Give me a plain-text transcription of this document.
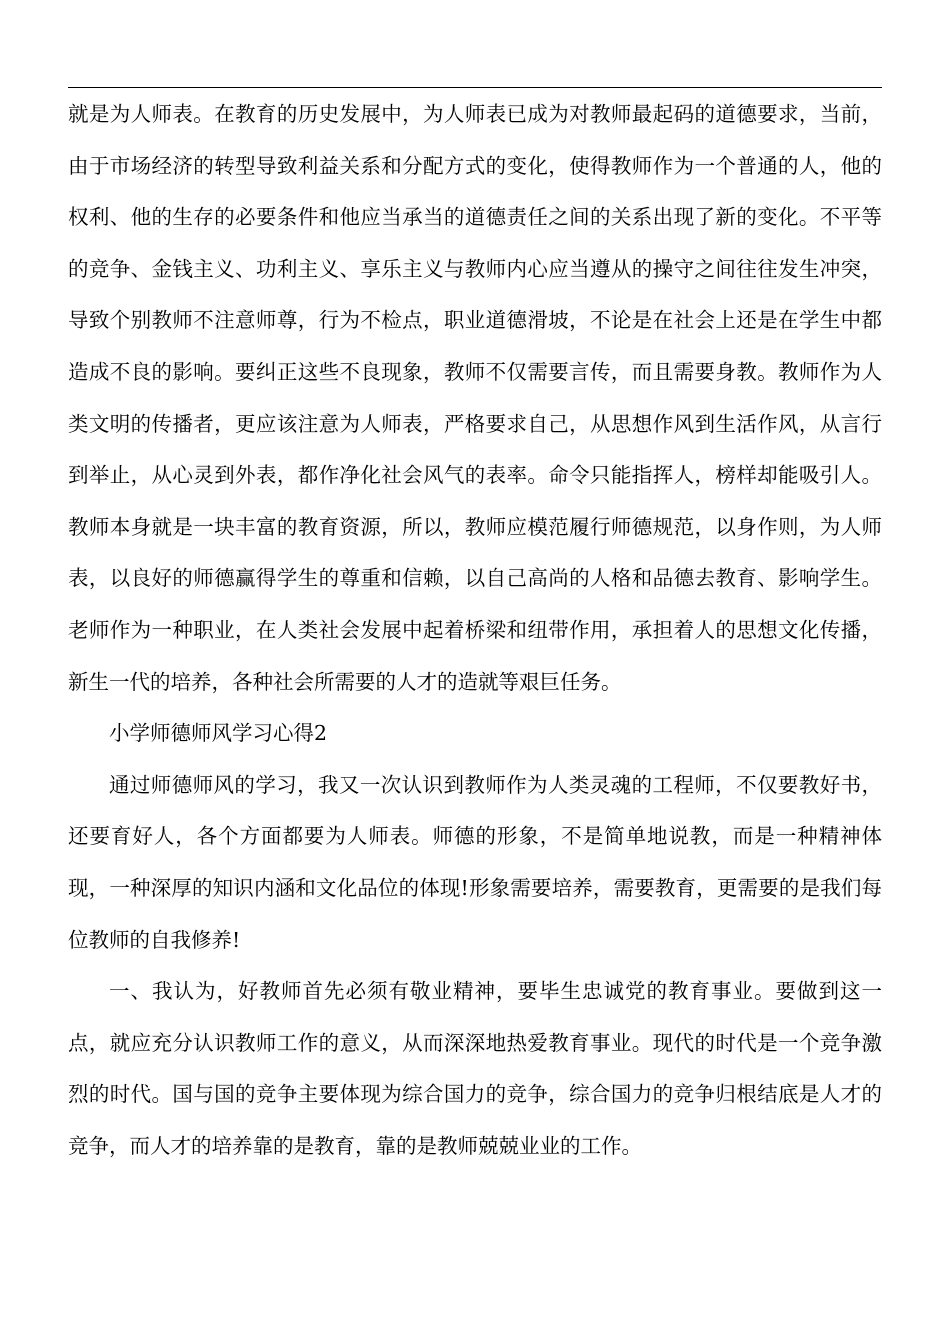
就是为人师表。在教育的历史发展中，为人师表已成为对教师最起码的道德要求，当前，由于市场经济的转型导致利益关系和分配方式的变化，使得教师作为一个普通的人，他的权利、他的生存的必要条件和他应当承当的道德责任之间的关系出现了新的变化。不平等的竞争、金钱主义、功利主义、享乐主义与教师内心应当遵从的操守之间往往发生冲突，导致个别教师不注意师尊，行为不检点，职业道德滑坡，不论是在社会上还是在学生中都造成不良的影响。要纠正这些不良现象，教师不仅需要言传，而且需要身教。教师作为人类文明的传播者，更应该注意为人师表，严格要求自己，从思想作风到生活作风，从言行到举止，从心灵到外表，都作净化社会风气的表率。命令只能指挥人，榜样却能吸引人。教师本身就是一块丰富的教育资源，所以，教师应模范履行师德规范，以身作则，为人师表，以良好的师德赢得学生的尊重和信赖，以自己高尚的人格和品德去教育、影响学生。 老师作为一种职业，在人类社会发展中起着桥梁和纽带作用，承担着人的思想文化传播，新生一代的培养，各种社会所需要的人才的造就等艰巨任务。

小学师德师风学习心得2

通过师德师风的学习，我又一次认识到教师作为人类灵魂的工程师，不仅要教好书，还要育好人，各个方面都要为人师表。师德的形象，不是简单地说教，而是一种精神体现，一种深厚的知识内涵和文化品位的体现!形象需要培养，需要教育，更需要的是我们每位教师的自我修养!

一、我认为，好教师首先必须有敬业精神，要毕生忠诚党的教育事业。要做到这一点，就应充分认识教师工作的意义，从而深深地热爱教育事业。现代的时代是一个竞争激烈的时代。国与国的竞争主要体现为综合国力的竞争，综合国力的竞争归根结底是人才的竞争，而人才的培养靠的是教育，靠的是教师兢兢业业的工作。
